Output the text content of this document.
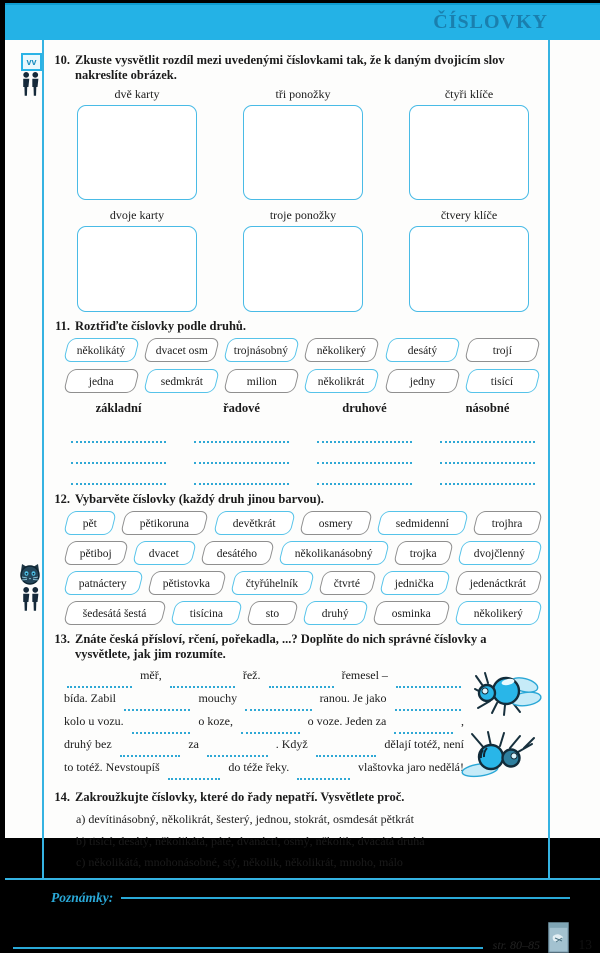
ČÍSLOVKY
vv	10. Zkuste vysvětlit rozdíl mezi uvedenými číslovkami tak, že k daným dvojicím slov nakreslíte obrázek.
dvě karty	tři ponožky	čtyři klíče
dvoje karty	troje ponožky	čtvery klíče
11. Roztřiďte číslovky podle druhů.
několikátý	dvacet osm	trojnásobný	několikerý	desátý	trojí
jedna	sedmkrát	milion	několikrát	jedny	tisící
základní	řadové	druhové	násobné
12. Vybarvěte číslovky (každý druh jinou barvou).
pět	pětikoruna	devětkrát	osmery	sedmidenní	trojhra
pětiboj	dvacet	desátého	několikanásobný	trojka	dvojčlenný
patnáctery	pětistovka	čtyřúhelník	čtvrté	jednička	jedenáctkrát
šedesátá šestá	tisícina	sto	druhý	osminka	několikerý
13. Znáte česká přísloví, rčení, pořekadla, ...? Doplňte do nich správné číslovky a vysvětlete, jak jim rozumíte.
měř,	řež.	řemesel –
bída. Zabil	mouchy	ranou. Je jako
kolo u vozu.	o koze,	o voze. Jeden za	,
druhý bez	za	. Když	dělají totéž, není
to totéž. Nevstoupíš	do téže řeky.	vlaštovka jaro nedělá!
14. Zakroužkujte číslovky, které do řady nepatří. Vysvětlete proč.
a) devítinásobný, několikrát, šesterý, jednou, stokrát, osmdesát pětkrát
b) tisící, desátý, několikátá, páté, dvanáctí, osmý, několik, dvacátá druhá
c) několikátá, mnohonásobné, stý, několik, několikrát, mnoho, málo
Poznámky:
str. 80–85	13
